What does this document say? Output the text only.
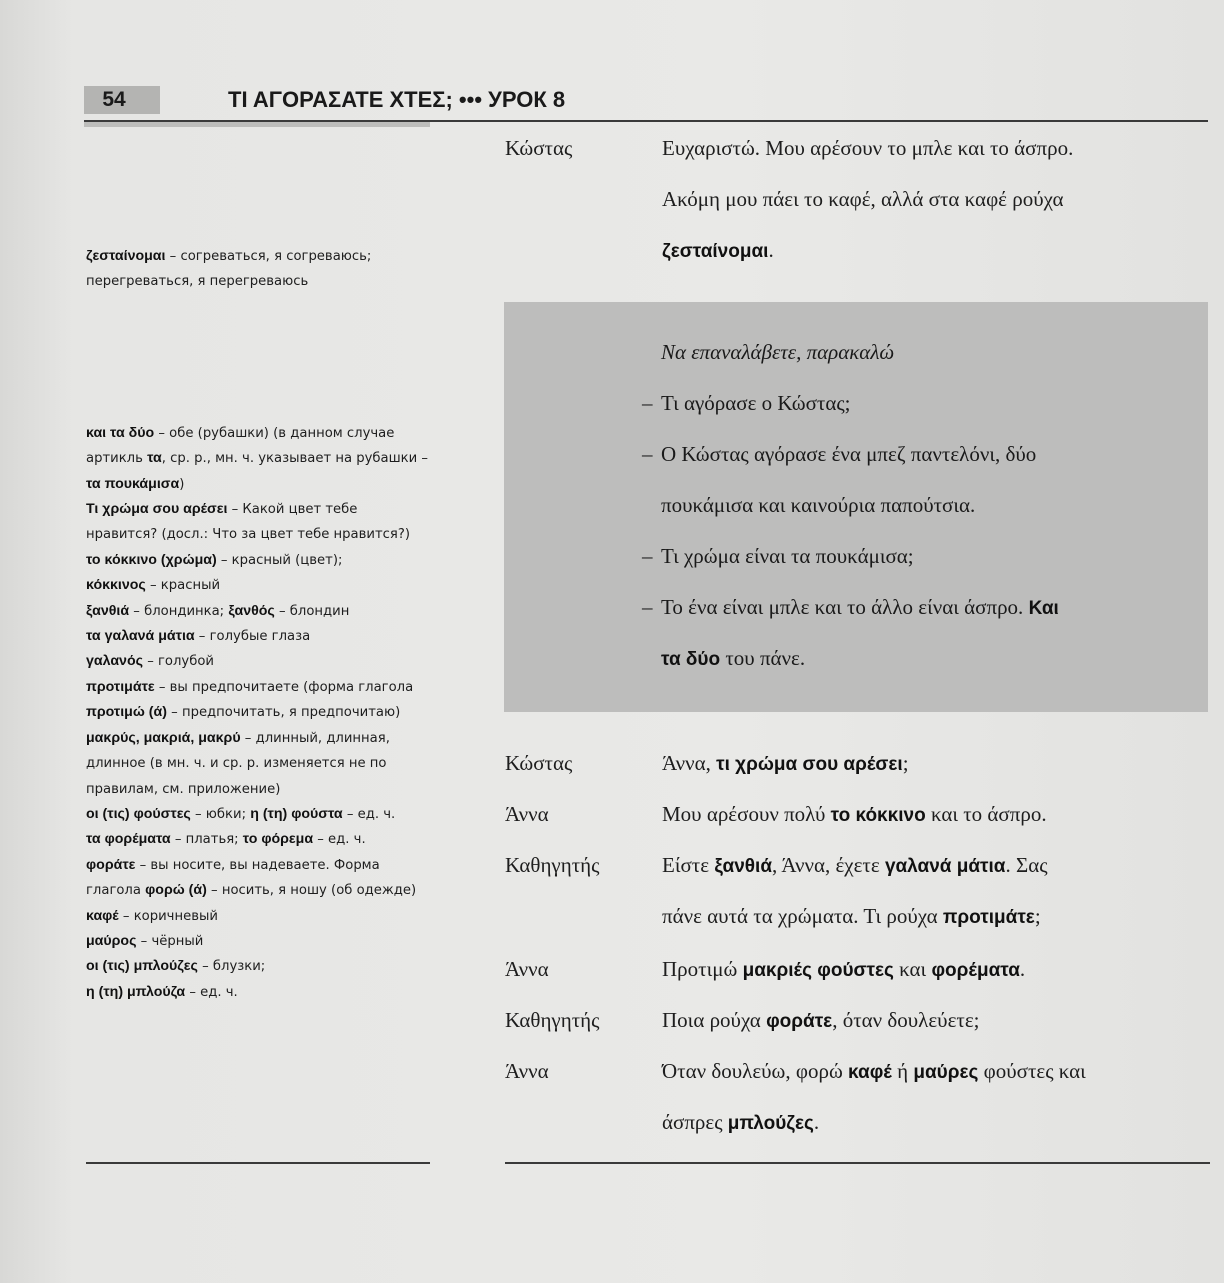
54	ΤΙ ΑΓΟΡΑΣΑΤΕ ΧΤΕΣ; ••• УРОК 8

ζεσταίνομαι – согреваться, я согреваюсь; перегреваться, я перегреваюсь

και τα δύο – обе (рубашки) (в данном случае артикль τα, ср. р., мн. ч. указывает на рубашки – τα πουκάμισα)

Τι χρώμα σου αρέσει – Какой цвет тебе нравится? (досл.: Что за цвет тебе нравится?)

το κόκκινο (χρώμα) – красный (цвет);

κόκκινος – красный

ξανθιά – блондинка; ξανθός – блондин

τα γαλανά μάτια – голубые глаза

γαλανός – голубой

προτιμάτε – вы предпочитаете (форма глагола προτιμώ (ά) – предпочитать, я предпочитаю)

μακρύς, μακριά, μακρύ – длинный, длинная, длинное (в мн. ч. и ср. р. изменяется не по правилам, см. приложение)

οι (τις) φούστες – юбки; η (τη) φούστα – ед. ч.

τα φορέματα – платья; το φόρεμα – ед. ч.

φοράτε – вы носите, вы надеваете. Форма глагола φορώ (ά) – носить, я ношу (об одежде)

καφέ – коричневый

μαύρος – чёрный

οι (τις) μπλούζες – блузки;

η (τη) μπλούζα – ед. ч.

Κώστας	Ευχαριστώ. Μου αρέσουν το μπλε και το άσπρο.
Ακόμη μου πάει το καφέ, αλλά στα καφέ ρούχα
ζεσταίνομαι.
Να επαναλάβετε, παρακαλώ
– Τι αγόρασε ο Κώστας;
– Ο Κώστας αγόρασε ένα μπεζ παντελόνι, δύο
πουκάμισα και καινούρια παπούτσια.
– Τι χρώμα είναι τα πουκάμισα;
– Το ένα είναι μπλε και το άλλο είναι άσπρο. Και
τα δύο του πάνε.
Κώστας	Άννα, τι χρώμα σου αρέσει;
Άννα	Μου αρέσουν πολύ το κόκκινο και το άσπρο.
Καθηγητής	Είστε ξανθιά, Άννα, έχετε γαλανά μάτια. Σας
πάνε αυτά τα χρώματα. Τι ρούχα προτιμάτε;
Άννα	Προτιμώ μακριές φούστες και φορέματα.
Καθηγητής	Ποια ρούχα φοράτε, όταν δουλεύετε;
Άννα	Όταν δουλεύω, φορώ καφέ ή μαύρες φούστες και
άσπρες μπλούζες.
